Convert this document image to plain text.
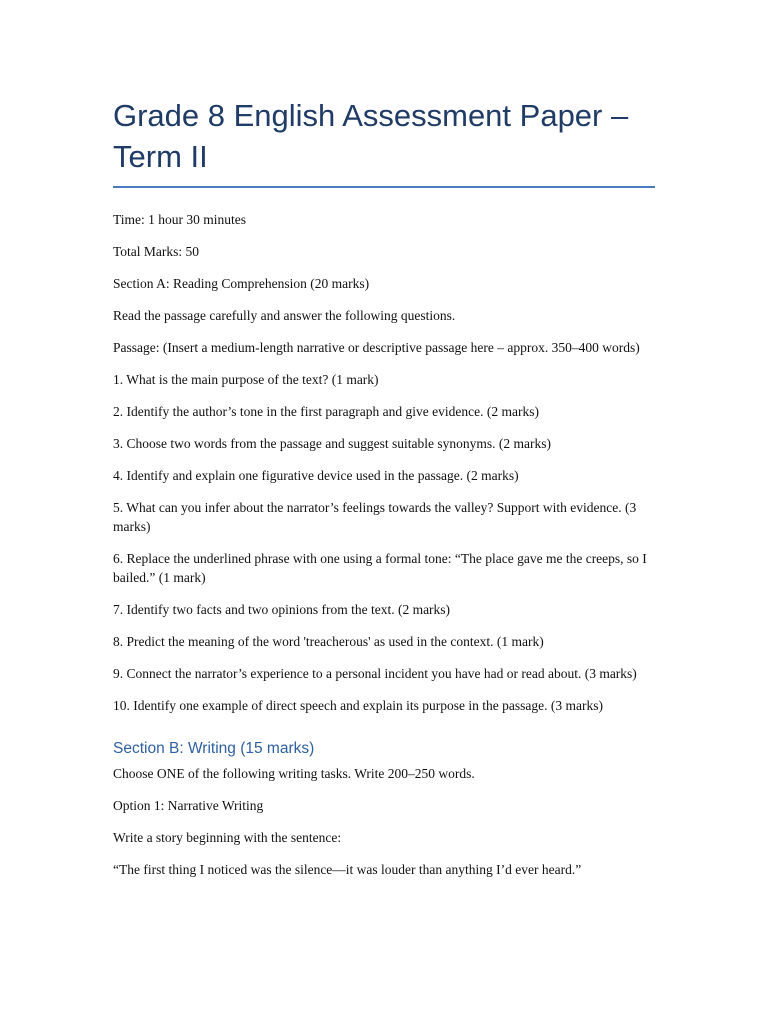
Grade 8 English Assessment Paper – Term II

Time: 1 hour 30 minutes

Total Marks: 50

Section A: Reading Comprehension (20 marks)

Read the passage carefully and answer the following questions.

Passage: (Insert a medium-length narrative or descriptive passage here – approx. 350–400 words)

1. What is the main purpose of the text? (1 mark)

2. Identify the author’s tone in the first paragraph and give evidence. (2 marks)

3. Choose two words from the passage and suggest suitable synonyms. (2 marks)

4. Identify and explain one figurative device used in the passage. (2 marks)

5. What can you infer about the narrator’s feelings towards the valley? Support with evidence. (3 marks)

6. Replace the underlined phrase with one using a formal tone: “The place gave me the creeps, so I bailed.” (1 mark)

7. Identify two facts and two opinions from the text. (2 marks)

8. Predict the meaning of the word 'treacherous' as used in the context. (1 mark)

9. Connect the narrator’s experience to a personal incident you have had or read about. (3 marks)

10. Identify one example of direct speech and explain its purpose in the passage. (3 marks)

Section B: Writing (15 marks)

Choose ONE of the following writing tasks. Write 200–250 words.

Option 1: Narrative Writing

Write a story beginning with the sentence:

“The first thing I noticed was the silence—it was louder than anything I’d ever heard.”
